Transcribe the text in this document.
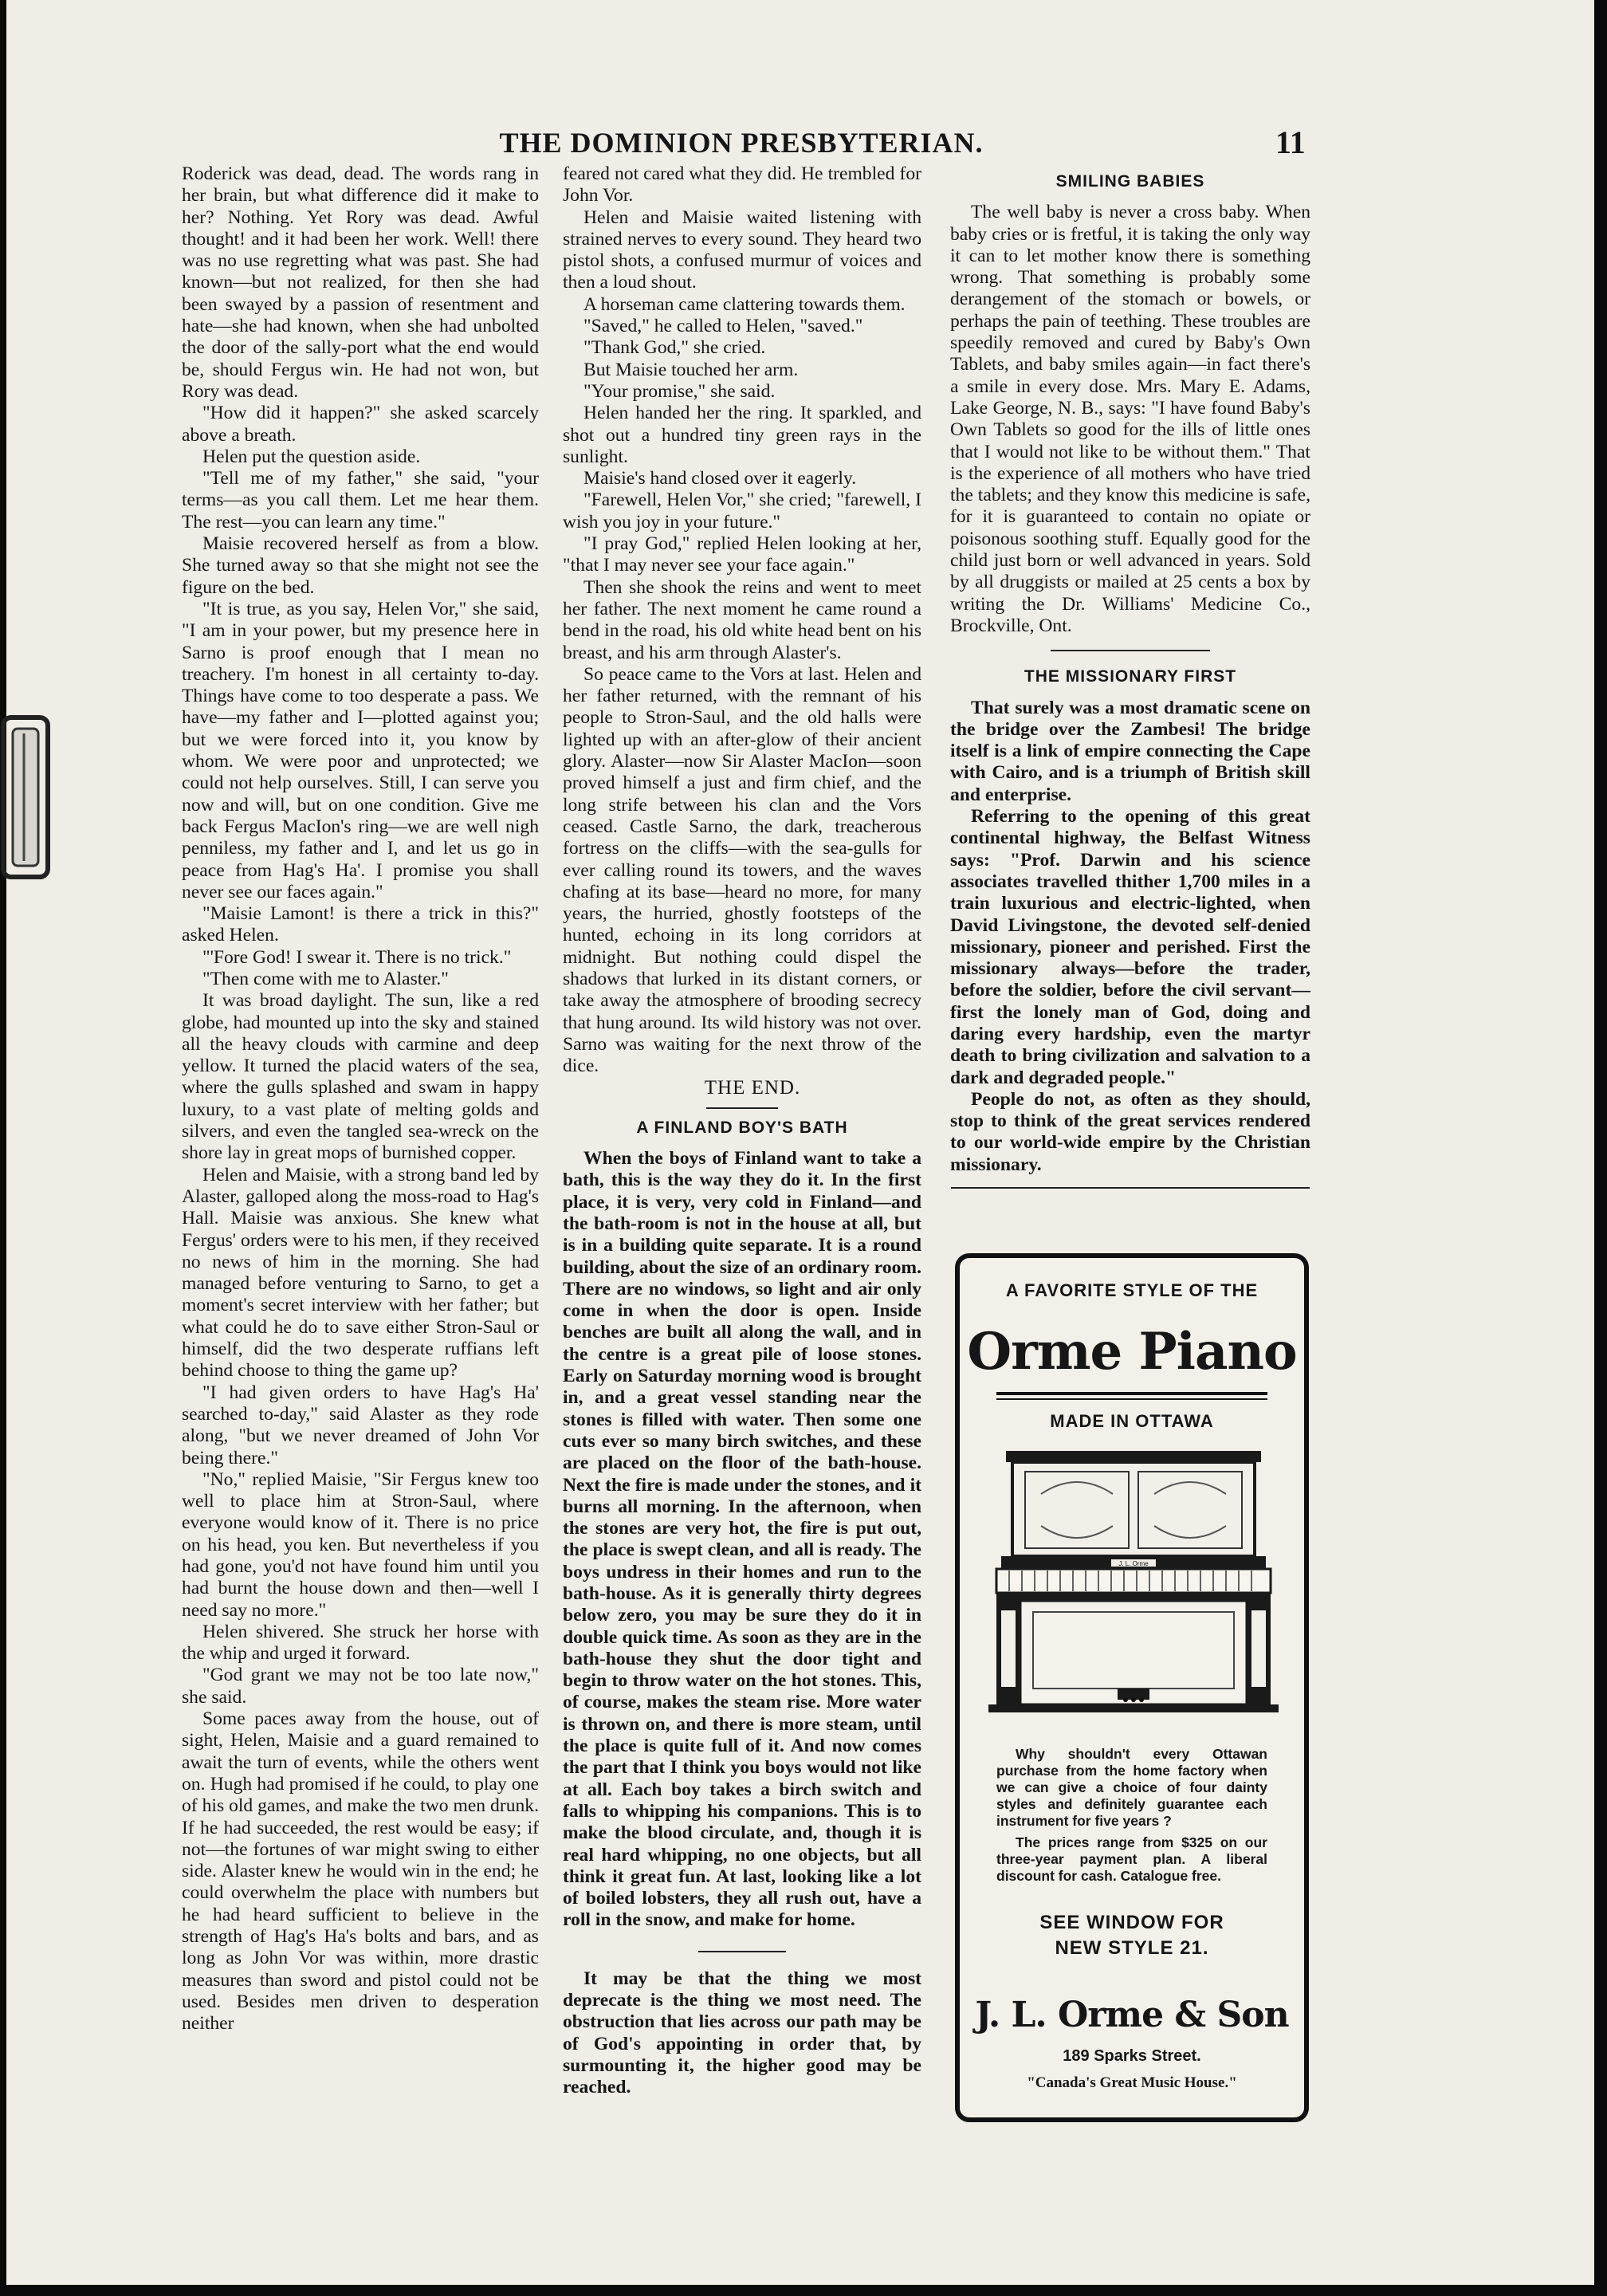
THE DOMINION PRESBYTERIAN.	11

Roderick was dead, dead. The words rang in her brain, but what difference did it make to her? Nothing. Yet Rory was dead. Awful thought! and it had been her work. Well! there was no use regretting what was past. She had known—but not realized, for then she had been swayed by a passion of resentment and hate—she had known, when she had unbolted the door of the sally-port what the end would be, should Fergus win. He had not won, but Rory was dead.

"How did it happen?" she asked scarcely above a breath.

Helen put the question aside.

"Tell me of my father," she said, "your terms—as you call them. Let me hear them. The rest—you can learn any time."

Maisie recovered herself as from a blow. She turned away so that she might not see the figure on the bed.

"It is true, as you say, Helen Vor," she said, "I am in your power, but my presence here in Sarno is proof enough that I mean no treachery. I'm honest in all certainty to-day. Things have come to too desperate a pass. We have—my father and I—plotted against you; but we were forced into it, you know by whom. We were poor and unprotected; we could not help ourselves. Still, I can serve you now and will, but on one condition. Give me back Fergus MacIon's ring—we are well nigh penniless, my father and I, and let us go in peace from Hag's Ha'. I promise you shall never see our faces again."

"Maisie Lamont! is there a trick in this?" asked Helen.

"'Fore God! I swear it. There is no trick."

"Then come with me to Alaster."

It was broad daylight. The sun, like a red globe, had mounted up into the sky and stained all the heavy clouds with carmine and deep yellow. It turned the placid waters of the sea, where the gulls splashed and swam in happy luxury, to a vast plate of melting golds and silvers, and even the tangled sea-wreck on the shore lay in great mops of burnished copper.

Helen and Maisie, with a strong band led by Alaster, galloped along the moss-road to Hag's Hall. Maisie was anxious. She knew what Fergus' orders were to his men, if they received no news of him in the morning. She had managed before venturing to Sarno, to get a moment's secret interview with her father; but what could he do to save either Stron-Saul or himself, did the two desperate ruffians left behind choose to thing the game up?

"I had given orders to have Hag's Ha' searched to-day," said Alaster as they rode along, "but we never dreamed of John Vor being there."

"No," replied Maisie, "Sir Fergus knew too well to place him at Stron-Saul, where everyone would know of it. There is no price on his head, you ken. But nevertheless if you had gone, you'd not have found him until you had burnt the house down and then—well I need say no more."

Helen shivered. She struck her horse with the whip and urged it forward.

"God grant we may not be too late now," she said.

Some paces away from the house, out of sight, Helen, Maisie and a guard remained to await the turn of events, while the others went on. Hugh had promised if he could, to play one of his old games, and make the two men drunk. If he had succeeded, the rest would be easy; if not—the fortunes of war might swing to either side. Alaster knew he would win in the end; he could overwhelm the place with numbers but he had heard sufficient to believe in the strength of Hag's Ha's bolts and bars, and as long as John Vor was within, more drastic measures than sword and pistol could not be used. Besides men driven to desperation neither

feared not cared what they did. He trembled for John Vor.

Helen and Maisie waited listening with strained nerves to every sound. They heard two pistol shots, a confused murmur of voices and then a loud shout.

A horseman came clattering towards them.

"Saved," he called to Helen, "saved."

"Thank God," she cried.

But Maisie touched her arm.

"Your promise," she said.

Helen handed her the ring. It sparkled, and shot out a hundred tiny green rays in the sunlight.

Maisie's hand closed over it eagerly.

"Farewell, Helen Vor," she cried; "farewell, I wish you joy in your future."

"I pray God," replied Helen looking at her, "that I may never see your face again."

Then she shook the reins and went to meet her father. The next moment he came round a bend in the road, his old white head bent on his breast, and his arm through Alaster's.

So peace came to the Vors at last. Helen and her father returned, with the remnant of his people to Stron-Saul, and the old halls were lighted up with an after-glow of their ancient glory. Alaster—now Sir Alaster MacIon—soon proved himself a just and firm chief, and the long strife between his clan and the Vors ceased. Castle Sarno, the dark, treacherous fortress on the cliffs—with the sea-gulls for ever calling round its towers, and the waves chafing at its base—heard no more, for many years, the hurried, ghostly footsteps of the hunted, echoing in its long corridors at midnight. But nothing could dispel the shadows that lurked in its distant corners, or take away the atmosphere of brooding secrecy that hung around. Its wild history was not over. Sarno was waiting for the next throw of the dice.

THE END.

A FINLAND BOY'S BATH

When the boys of Finland want to take a bath, this is the way they do it. In the first place, it is very, very cold in Finland—and the bath-room is not in the house at all, but is in a building quite separate. It is a round building, about the size of an ordinary room. There are no windows, so light and air only come in when the door is open. Inside benches are built all along the wall, and in the centre is a great pile of loose stones. Early on Saturday morning wood is brought in, and a great vessel standing near the stones is filled with water. Then some one cuts ever so many birch switches, and these are placed on the floor of the bath-house. Next the fire is made under the stones, and it burns all morning. In the afternoon, when the stones are very hot, the fire is put out, the place is swept clean, and all is ready. The boys undress in their homes and run to the bath-house. As it is generally thirty degrees below zero, you may be sure they do it in double quick time. As soon as they are in the bath-house they shut the door tight and begin to throw water on the hot stones. This, of course, makes the steam rise. More water is thrown on, and there is more steam, until the place is quite full of it. And now comes the part that I think you boys would not like at all. Each boy takes a birch switch and falls to whipping his companions. This is to make the blood circulate, and, though it is real hard whipping, no one objects, but all think it great fun. At last, looking like a lot of boiled lobsters, they all rush out, have a roll in the snow, and make for home.

It may be that the thing we most deprecate is the thing we most need. The obstruction that lies across our path may be of God's appointing in order that, by surmounting it, the higher good may be reached.

SMILING BABIES

The well baby is never a cross baby. When baby cries or is fretful, it is taking the only way it can to let mother know there is something wrong. That something is probably some derangement of the stomach or bowels, or perhaps the pain of teething. These troubles are speedily removed and cured by Baby's Own Tablets, and baby smiles again—in fact there's a smile in every dose. Mrs. Mary E. Adams, Lake George, N. B., says: "I have found Baby's Own Tablets so good for the ills of little ones that I would not like to be without them." That is the experience of all mothers who have tried the tablets; and they know this medicine is safe, for it is guaranteed to contain no opiate or poisonous soothing stuff. Equally good for the child just born or well advanced in years. Sold by all druggists or mailed at 25 cents a box by writing the Dr. Williams' Medicine Co., Brockville, Ont.

THE MISSIONARY FIRST

That surely was a most dramatic scene on the bridge over the Zambesi! The bridge itself is a link of empire connecting the Cape with Cairo, and is a triumph of British skill and enterprise.

Referring to the opening of this great continental highway, the Belfast Witness says: "Prof. Darwin and his science associates travelled thither 1,700 miles in a train luxurious and electric-lighted, when David Livingstone, the devoted self-denied missionary, pioneer and perished. First the missionary always—before the trader, before the soldier, before the civil servant—first the lonely man of God, doing and daring every hardship, even the martyr death to bring civilization and salvation to a dark and degraded people."

People do not, as often as they should, stop to think of the great services rendered to our world-wide empire by the Christian missionary.

A FAVORITE STYLE OF THE
Orme Piano
MADE IN OTTAWA
J. L. Orme

Why shouldn't every Ottawan purchase from the home factory when we can give a choice of four dainty styles and definitely guarantee each instrument for five years ?

The prices range from $325 on our three-year payment plan. A liberal discount for cash. Catalogue free.

SEE WINDOW FOR
NEW STYLE 21.
J. L. Orme & Son
189 Sparks Street.
"Canada's Great Music House."
